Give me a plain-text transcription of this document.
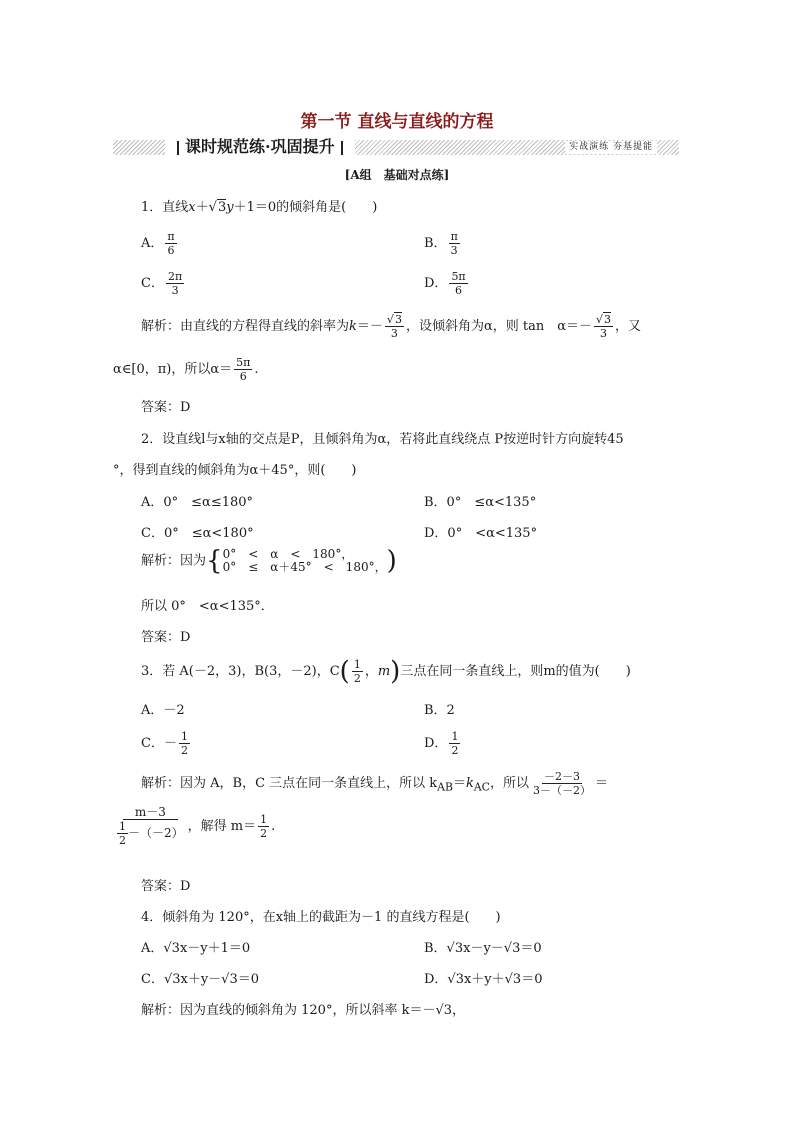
第一节 直线与直线的方程
课时规范练·巩固提升	实战演练 夯基提能
[A组　基础对点练]
1．直线x＋ √ 3y＋1＝0的倾斜角是(　　)
A． $\frac{\pi}{6}$	B． $\frac{\pi}{3}$
C． $\frac{2\pi}{3}$	D． $\frac{5\pi}{6}$
解析：由直线的方程得直线的斜率为k＝－ √ $\frac{3}{3}$ ，设倾斜角为α，则 tan　α＝－ √ $\frac{3}{3}$ ，又
α∈[0，π)，所以$\alpha= \frac{5\pi}{6}$ .
答案：D
2．设直线l与x轴的交点是P，且倾斜角为α，若将此直线绕点 P按逆时针方向旋转45
°，得到直线的倾斜角为α＋45°，则(　　)
A．0°　≤α≤180°	B．0°　≤α<135°
C．0°　≤α<180°	D．0°　<α<135°
解析：因为{ 0°　<　α　<　180°，
0°　≤　α＋45°　<　180°， )
所以 0°　<α<135°．
答案：D
3．若 A(－2，3)，B(3，－2)，$C( \frac{1}{2}$ ，m)三点在同一条直线上，则m的值为(　　)
A．－2	B．2
C．－ $\frac{1}{2}$	D． $\frac{1}{2}$
解析：因为 A，B，C 三点在同一条直线上，所以 $k_{AB}=k_{AC}$，所以 $\frac{-2-3}{3-(-2)}$ ＝
$\frac{m-3}{\frac{1}{2} -(-2)}$ ，解得 $m= \frac{1}{2}$ .
答案：D
4．倾斜角为 120°，在x轴上的截距为－1 的直线方程是(　　)
A．√3x－y＋1＝0	B．√3x－y－√3＝0
C．√3x＋y－√3＝0	D．√3x＋y＋√3＝0
解析：因为直线的倾斜角为 120°，所以斜率 k＝－√3，
